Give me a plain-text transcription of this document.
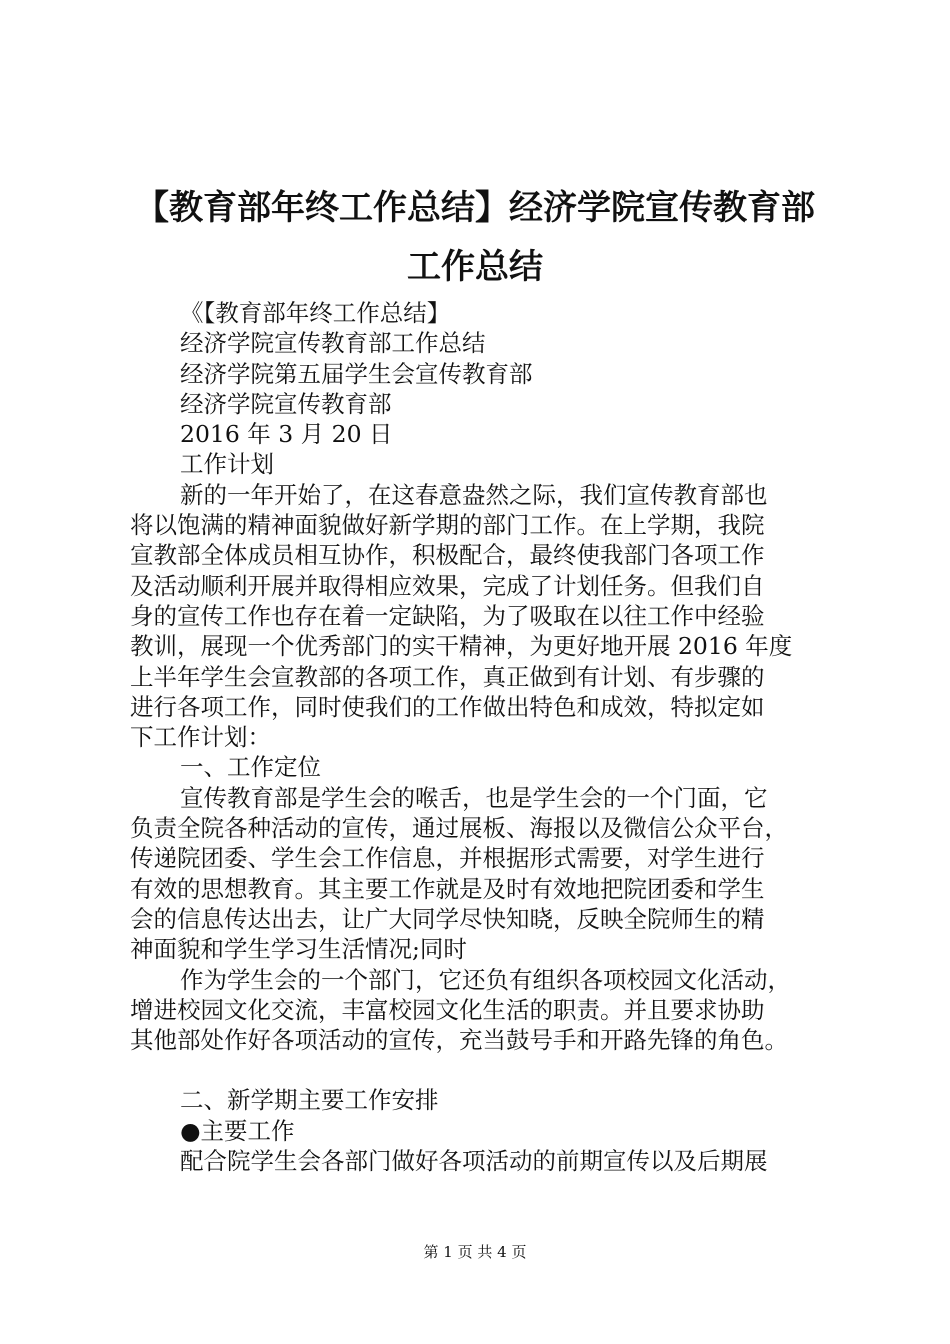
【教育部年终工作总结】经济学院宣传教育部
工作总结
《【教育部年终工作总结】
经济学院宣传教育部工作总结
经济学院第五届学生会宣传教育部
经济学院宣传教育部
2016 年 3 月 20 日
工作计划
新的一年开始了，在这春意盎然之际，我们宣传教育部也
将以饱满的精神面貌做好新学期的部门工作。在上学期，我院
宣教部全体成员相互协作，积极配合，最终使我部门各项工作
及活动顺利开展并取得相应效果，完成了计划任务。但我们自
身的宣传工作也存在着一定缺陷，为了吸取在以往工作中经验
教训，展现一个优秀部门的实干精神，为更好地开展 2016 年度
上半年学生会宣教部的各项工作，真正做到有计划、有步骤的
进行各项工作，同时使我们的工作做出特色和成效，特拟定如
下工作计划：
一、工作定位
宣传教育部是学生会的喉舌，也是学生会的一个门面，它
负责全院各种活动的宣传，通过展板、海报以及微信公众平台，
传递院团委、学生会工作信息，并根据形式需要，对学生进行
有效的思想教育。其主要工作就是及时有效地把院团委和学生
会的信息传达出去，让广大同学尽快知晓，反映全院师生的精
神面貌和学生学习生活情况;同时
作为学生会的一个部门，它还负有组织各项校园文化活动，
增进校园文化交流，丰富校园文化生活的职责。并且要求协助
其他部处作好各项活动的宣传，充当鼓号手和开路先锋的角色。
二、新学期主要工作安排
●主要工作
配合院学生会各部门做好各项活动的前期宣传以及后期展
第 1 页 共 4 页
